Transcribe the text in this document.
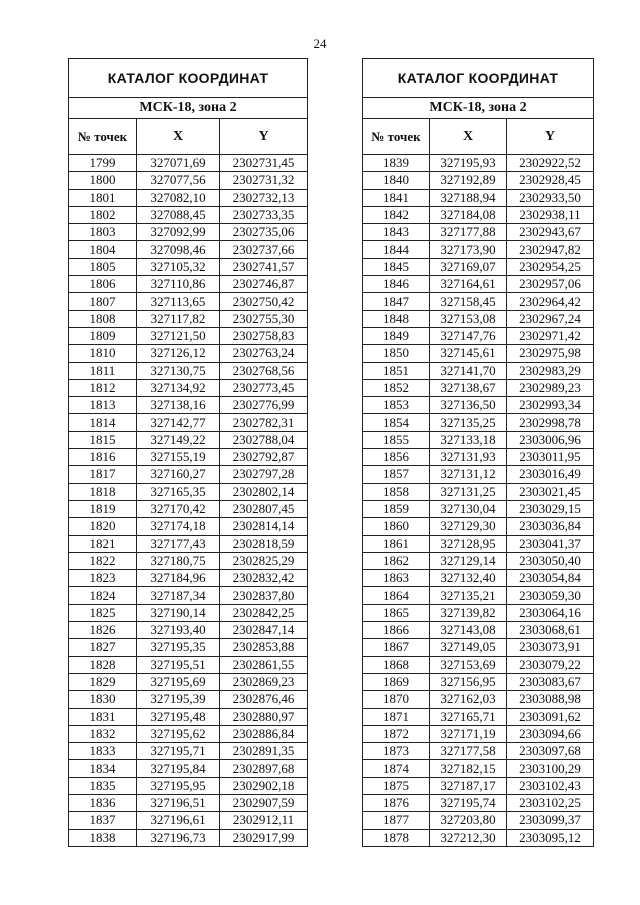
24
КАТАЛОГ КООРДИНАТ		
МСК-18, зона 2		
№ точек	X	Y
1799	327071,69	2302731,45
1800	327077,56	2302731,32
1801	327082,10	2302732,13
1802	327088,45	2302733,35
1803	327092,99	2302735,06
1804	327098,46	2302737,66
1805	327105,32	2302741,57
1806	327110,86	2302746,87
1807	327113,65	2302750,42
1808	327117,82	2302755,30
1809	327121,50	2302758,83
1810	327126,12	2302763,24
1811	327130,75	2302768,56
1812	327134,92	2302773,45
1813	327138,16	2302776,99
1814	327142,77	2302782,31
1815	327149,22	2302788,04
1816	327155,19	2302792,87
1817	327160,27	2302797,28
1818	327165,35	2302802,14
1819	327170,42	2302807,45
1820	327174,18	2302814,14
1821	327177,43	2302818,59
1822	327180,75	2302825,29
1823	327184,96	2302832,42
1824	327187,34	2302837,80
1825	327190,14	2302842,25
1826	327193,40	2302847,14
1827	327195,35	2302853,88
1828	327195,51	2302861,55
1829	327195,69	2302869,23
1830	327195,39	2302876,46
1831	327195,48	2302880,97
1832	327195,62	2302886,84
1833	327195,71	2302891,35
1834	327195,84	2302897,68
1835	327195,95	2302902,18
1836	327196,51	2302907,59
1837	327196,61	2302912,11
1838	327196,73	2302917,99
КАТАЛОГ КООРДИНАТ		
МСК-18, зона 2		
№ точек	X	Y
1839	327195,93	2302922,52
1840	327192,89	2302928,45
1841	327188,94	2302933,50
1842	327184,08	2302938,11
1843	327177,88	2302943,67
1844	327173,90	2302947,82
1845	327169,07	2302954,25
1846	327164,61	2302957,06
1847	327158,45	2302964,42
1848	327153,08	2302967,24
1849	327147,76	2302971,42
1850	327145,61	2302975,98
1851	327141,70	2302983,29
1852	327138,67	2302989,23
1853	327136,50	2302993,34
1854	327135,25	2302998,78
1855	327133,18	2303006,96
1856	327131,93	2303011,95
1857	327131,12	2303016,49
1858	327131,25	2303021,45
1859	327130,04	2303029,15
1860	327129,30	2303036,84
1861	327128,95	2303041,37
1862	327129,14	2303050,40
1863	327132,40	2303054,84
1864	327135,21	2303059,30
1865	327139,82	2303064,16
1866	327143,08	2303068,61
1867	327149,05	2303073,91
1868	327153,69	2303079,22
1869	327156,95	2303083,67
1870	327162,03	2303088,98
1871	327165,71	2303091,62
1872	327171,19	2303094,66
1873	327177,58	2303097,68
1874	327182,15	2303100,29
1875	327187,17	2303102,43
1876	327195,74	2303102,25
1877	327203,80	2303099,37
1878	327212,30	2303095,12
